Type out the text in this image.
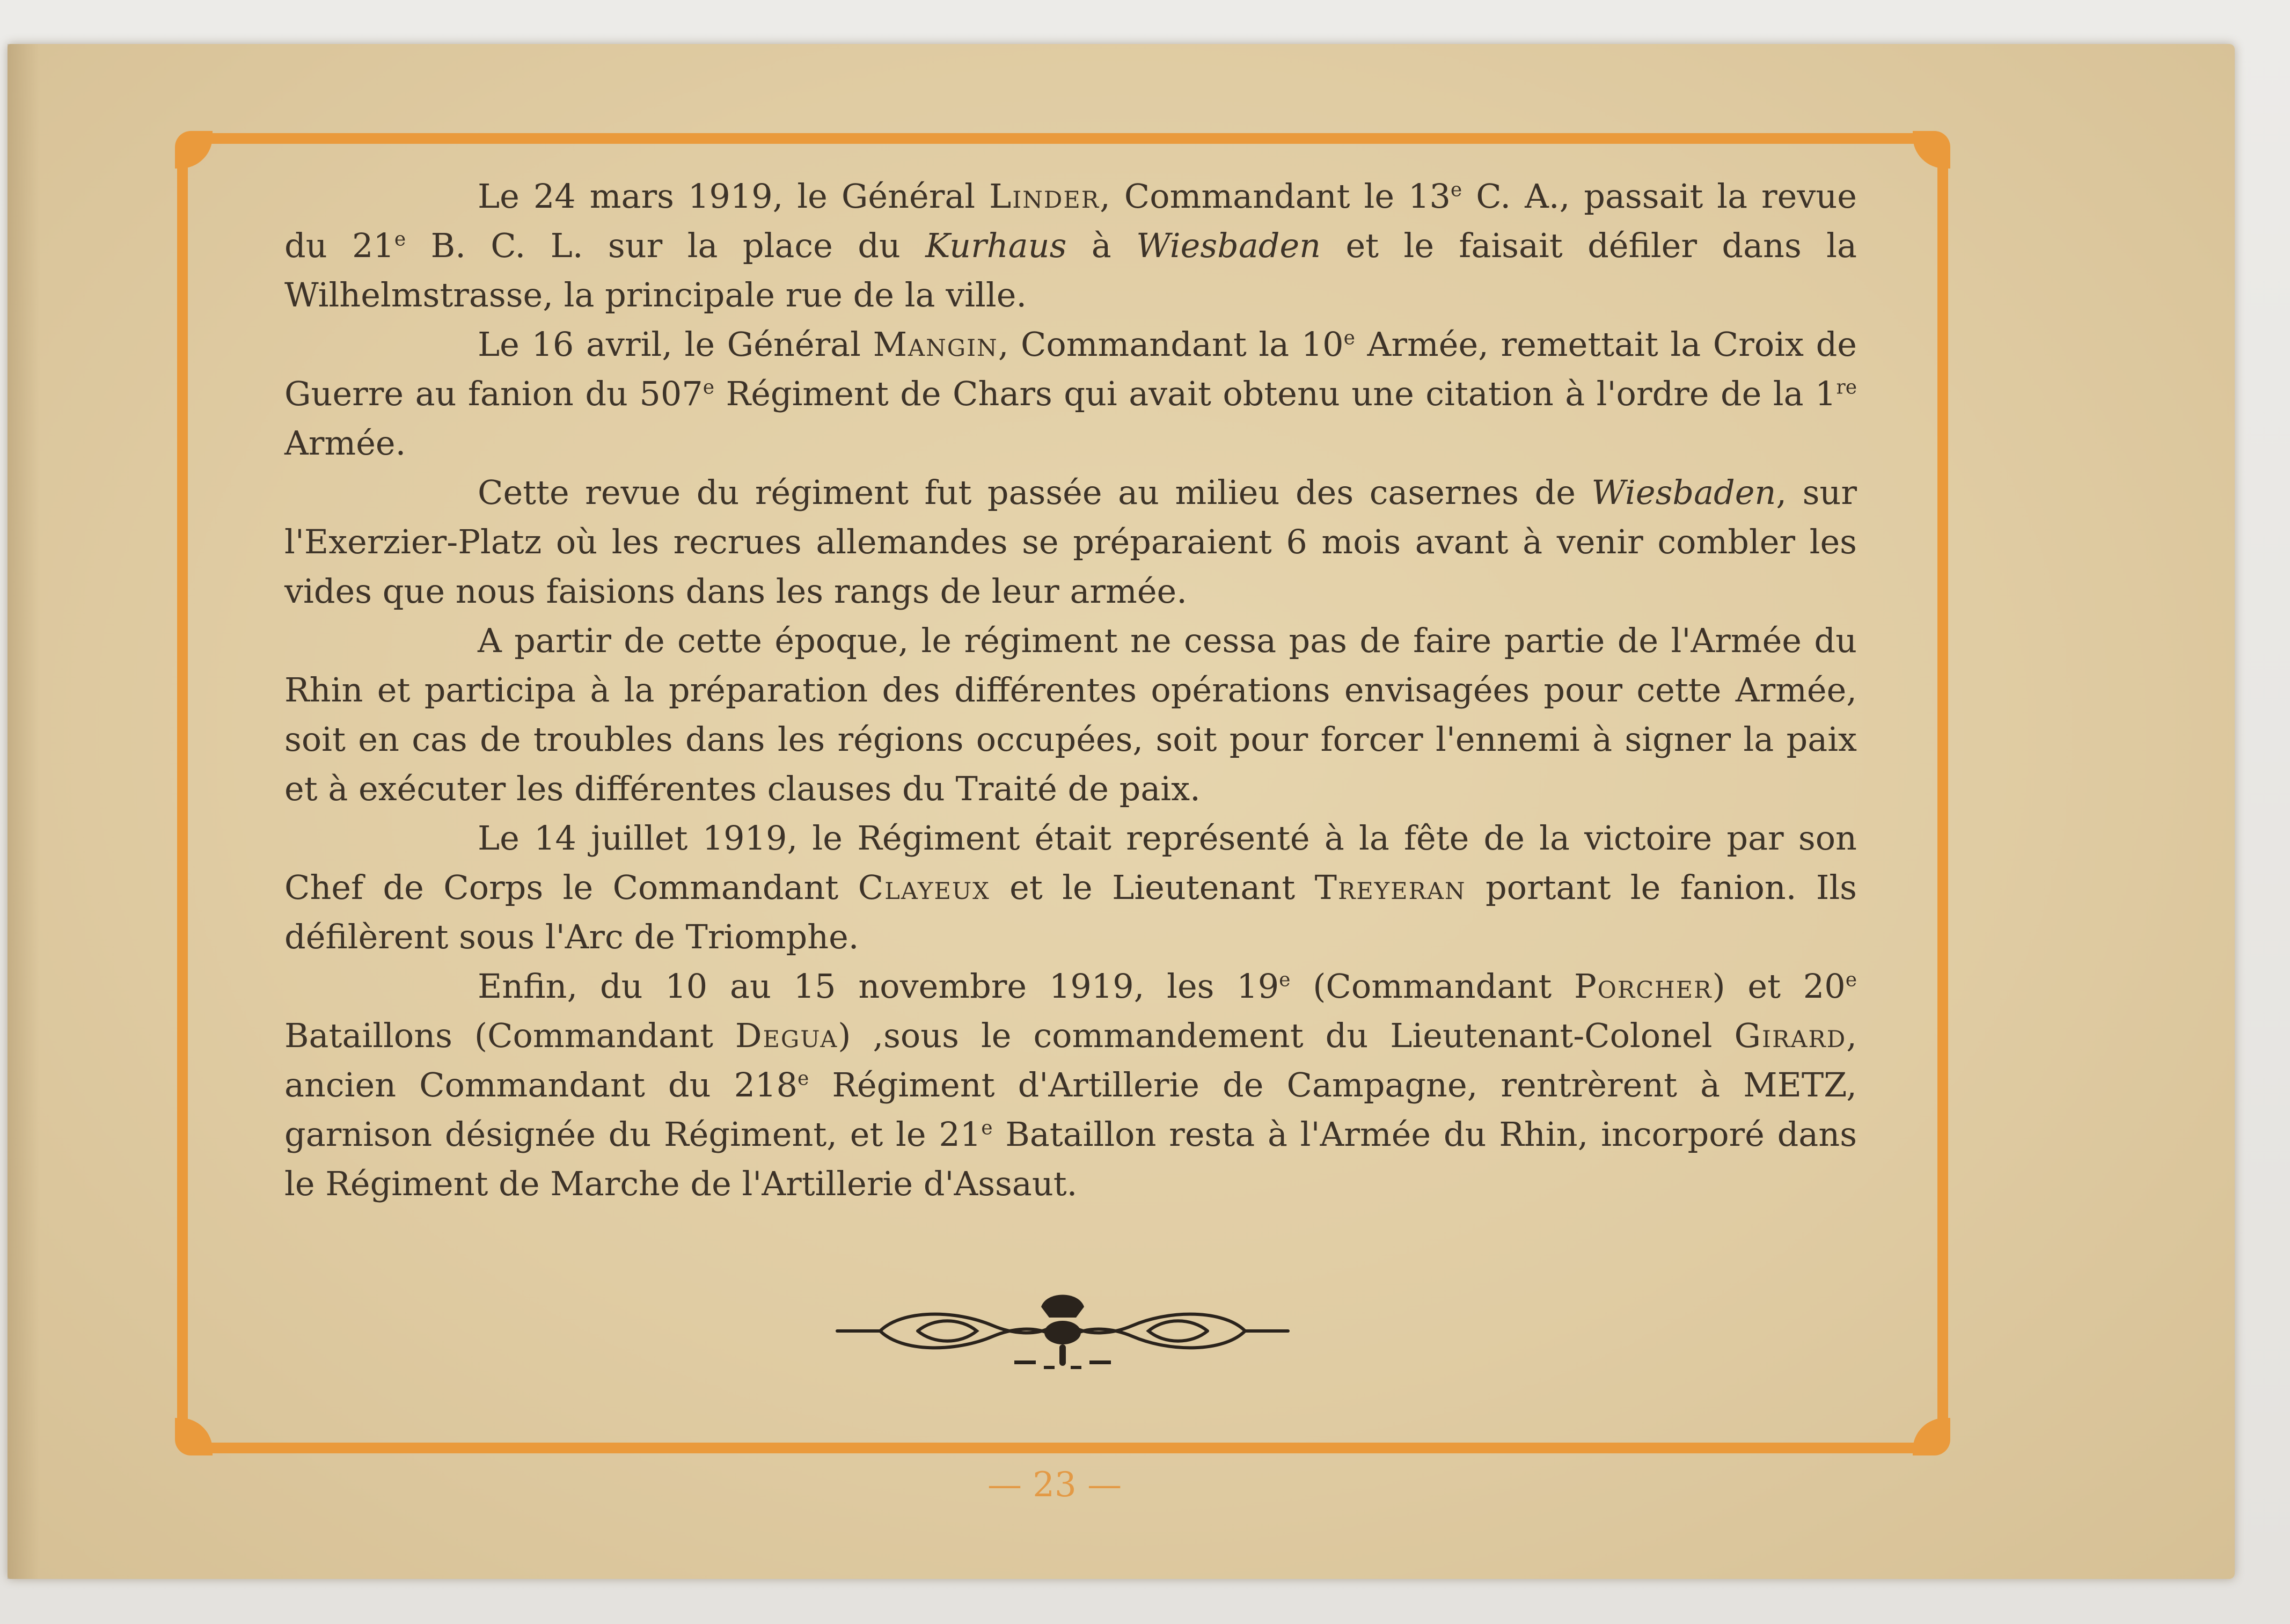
Le 24 mars 1919, le Général Linder, Commandant le 13e C. A., passait la revue du 21e B. C. L. sur la place du Kurhaus à Wiesbaden et le faisait défiler dans la Wilhelmstrasse, la principale rue de la ville.

Le 16 avril, le Général Mangin, Commandant la 10e Armée, remettait la Croix de Guerre au fanion du 507e Régiment de Chars qui avait obtenu une citation à l'ordre de la 1re Armée.

Cette revue du régiment fut passée au milieu des casernes de Wiesbaden, sur l'Exerzier-Platz où les recrues allemandes se préparaient 6 mois avant à venir combler les vides que nous faisions dans les rangs de leur armée.

A partir de cette époque, le régiment ne cessa pas de faire partie de l'Armée du Rhin et participa à la préparation des différentes opérations envisagées pour cette Armée, soit en cas de troubles dans les régions occupées, soit pour forcer l'ennemi à signer la paix et à exécuter les différentes clauses du Traité de paix.

Le 14 juillet 1919, le Régiment était représenté à la fête de la victoire par son Chef de Corps le Commandant Clayeux et le Lieutenant Treyeran portant le fanion. Ils défilèrent sous l'Arc de Triomphe.

Enfin, du 10 au 15 novembre 1919, les 19e (Commandant Porcher) et 20e Bataillons (Commandant Degua) ,sous le commandement du Lieutenant-Colonel Girard, ancien Commandant du 218e Régiment d'Artillerie de Campagne, rentrèrent à METZ, garnison désignée du Régiment, et le 21e Bataillon resta à l'Armée du Rhin, incorporé dans le Régiment de Marche de l'Artillerie d'Assaut.

— 23 —
